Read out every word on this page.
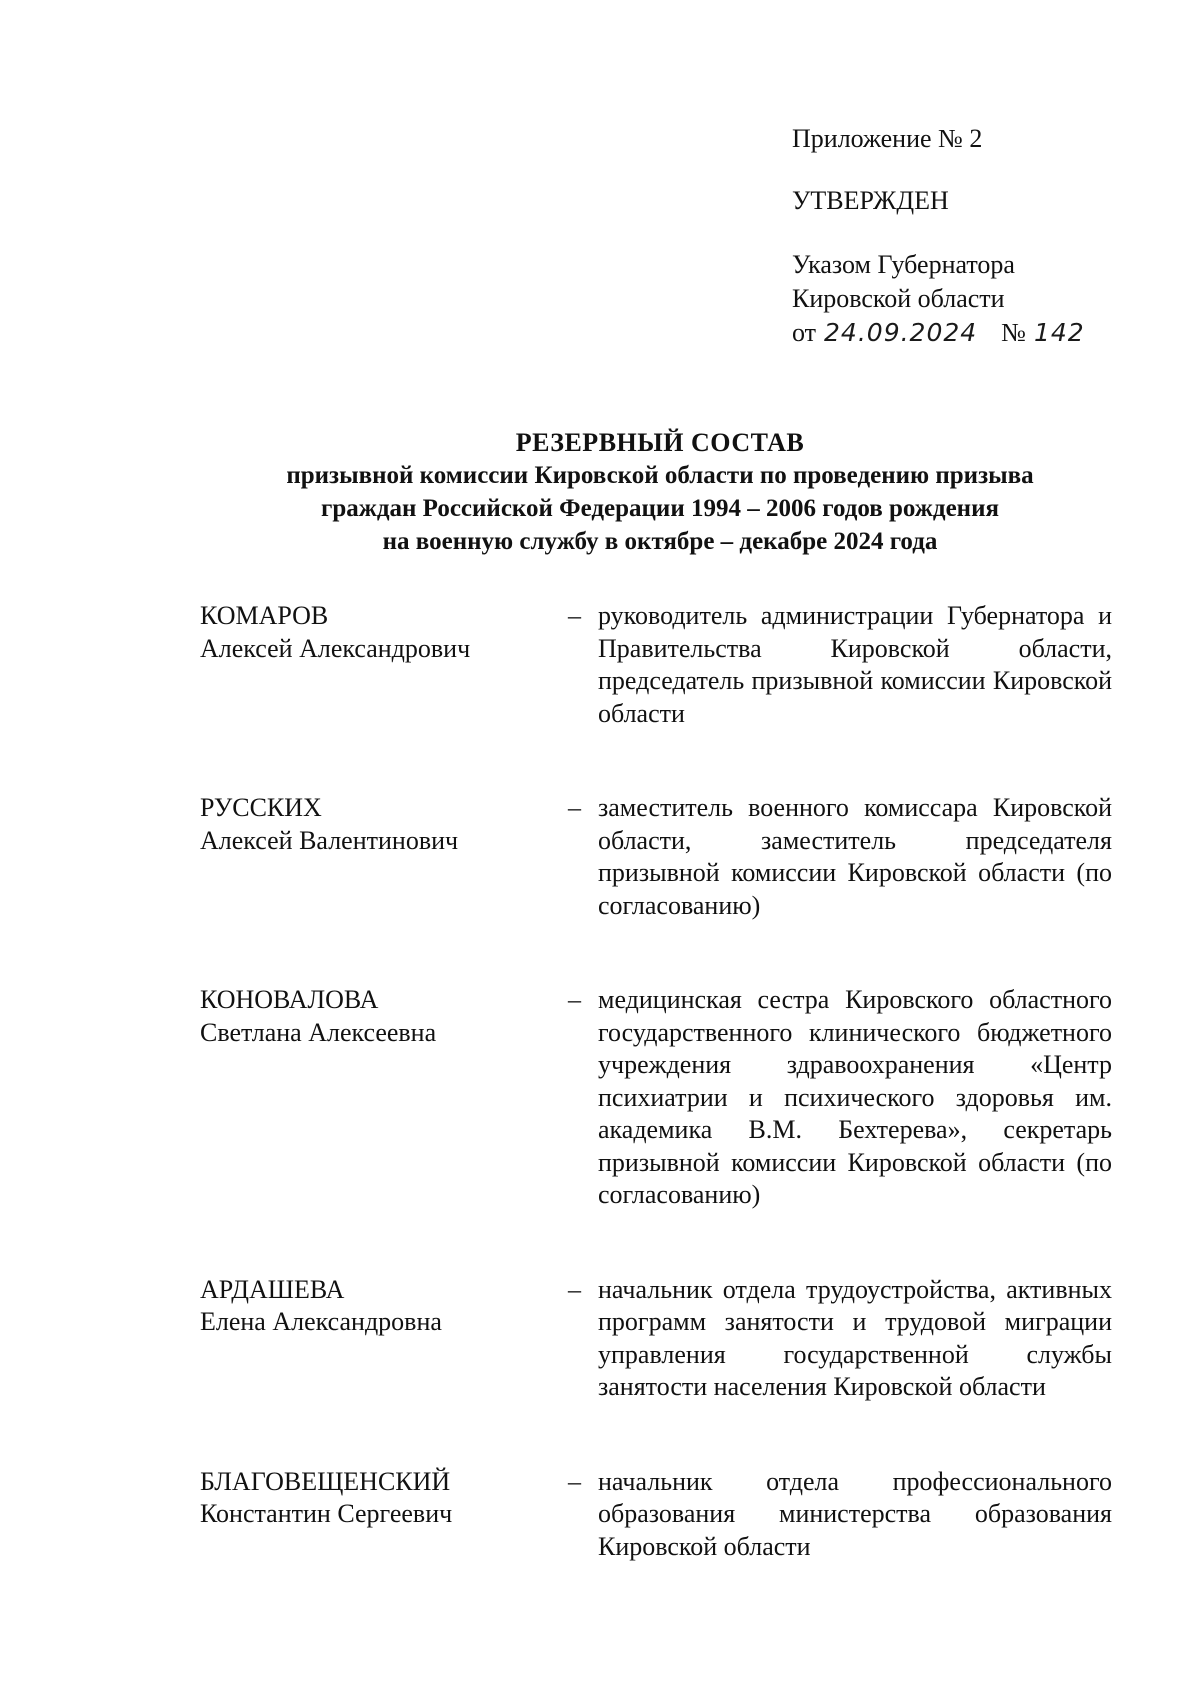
Приложение № 2
УТВЕРЖДЕН
Указом Губернатора
Кировской области
от 24.09.2024 № 142
РЕЗЕРВНЫЙ СОСТАВ
призывной комиссии Кировской области по проведению призыва
граждан Российской Федерации 1994 – 2006 годов рождения
на военную службу в октябре – декабре 2024 года
КОМАРОВ
Алексей Александрович
– руководитель администрации Губернатора и Правительства Кировской области, председатель призывной комиссии Кировской области
РУССКИХ
Алексей Валентинович
– заместитель военного комиссара Кировской области, заместитель председателя призывной комиссии Кировской области (по согласованию)
КОНОВАЛОВА
Светлана Алексеевна
– медицинская сестра Кировского областного государственного клинического бюджетного учреждения здравоохранения «Центр психиатрии и психического здоровья им. академика В.М. Бехтерева», секретарь призывной комиссии Кировской области (по согласованию)
АРДАШЕВА
Елена Александровна
– начальник отдела трудоустройства, активных программ занятости и трудовой миграции управления государственной службы занятости населения Кировской области
БЛАГОВЕЩЕНСКИЙ
Константин Сергеевич
– начальник отдела профессионального образования министерства образования Кировской области
